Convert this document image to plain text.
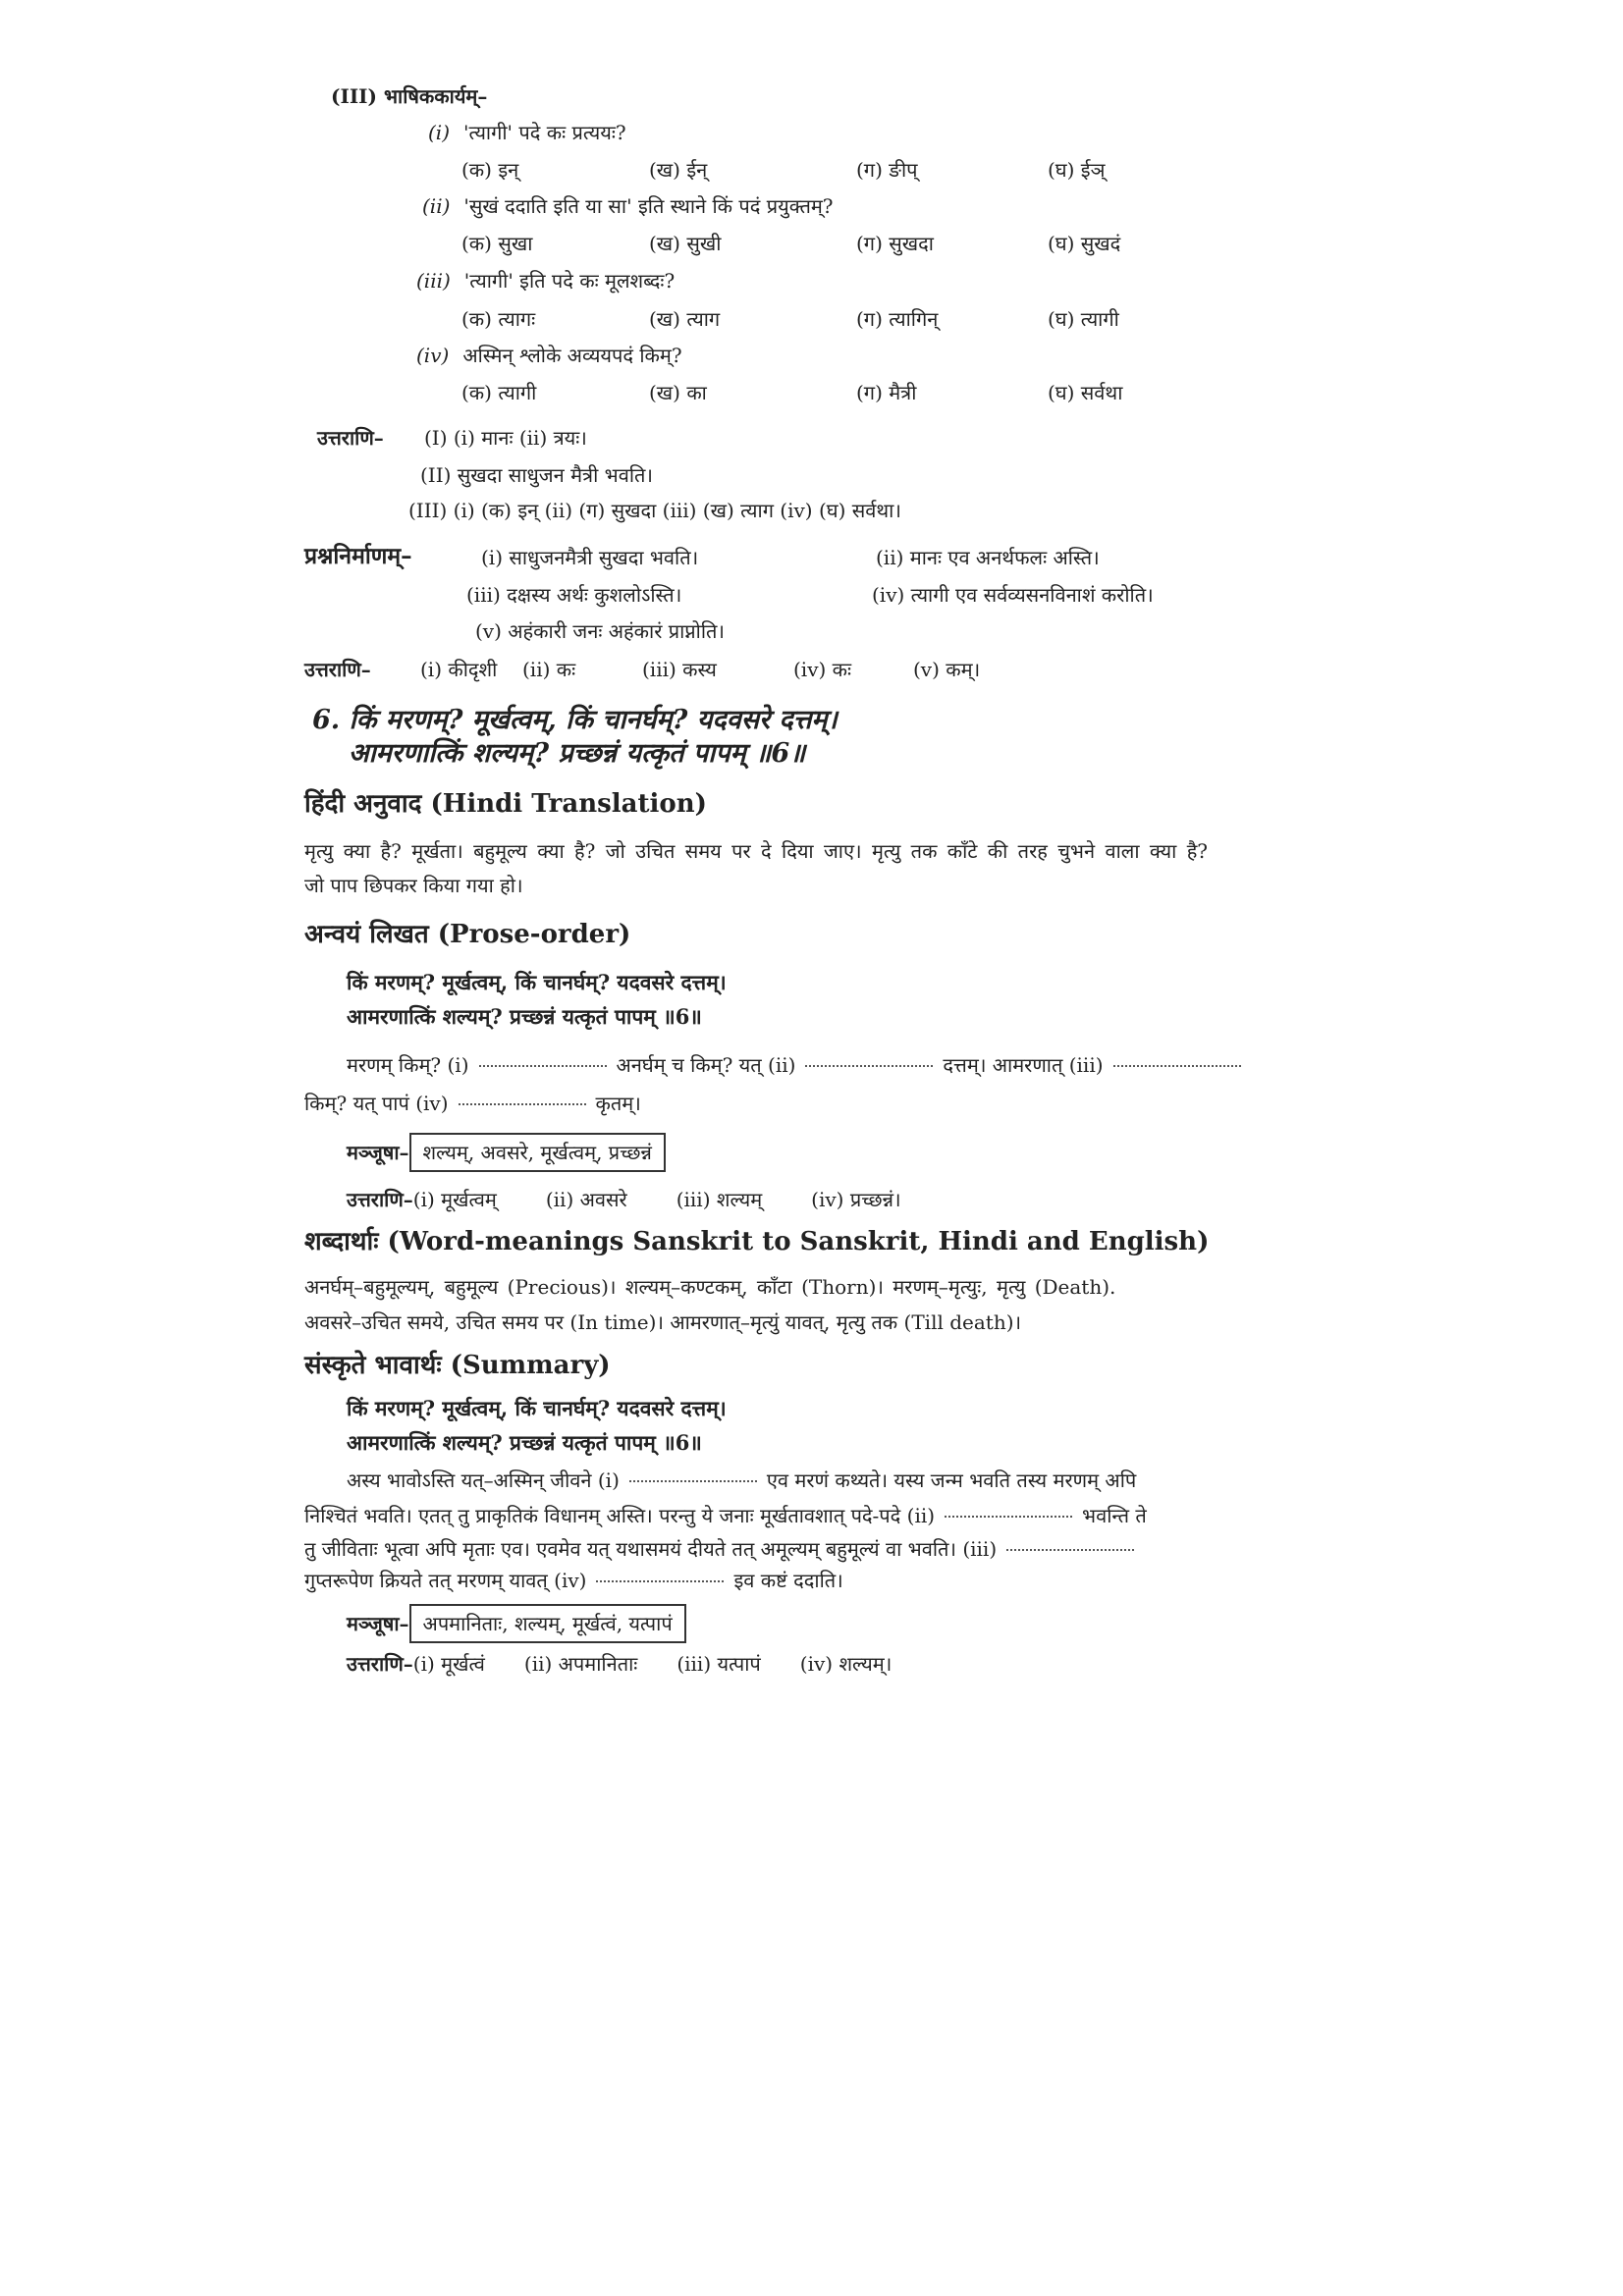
(III) भाषिककार्यम्–
(i) 'त्यागी' पदे कः प्रत्ययः?
(क) इन्	(ख) ईन्	(ग) ङीप्	(घ) ईञ्
(ii) 'सुखं ददाति इति या सा' इति स्थाने किं पदं प्रयुक्तम्?
(क) सुखा	(ख) सुखी	(ग) सुखदा	(घ) सुखदं
(iii) 'त्यागी' इति पदे कः मूलशब्दः?
(क) त्यागः	(ख) त्याग	(ग) त्यागिन्	(घ) त्यागी
(iv) अस्मिन् श्लोके अव्ययपदं किम्?
(क) त्यागी	(ख) का	(ग) मैत्री	(घ) सर्वथा
उत्तराणि– (I) (i) मानः (ii) त्रयः।
(II) सुखदा साधुजन मैत्री भवति।
(III) (i) (क) इन् (ii) (ग) सुखदा (iii) (ख) त्याग (iv) (घ) सर्वथा।
प्रश्ननिर्माणम्–	(i) साधुजनमैत्री सुखदा भवति।	(ii) मानः एव अनर्थफलः अस्ति।
(iii) दक्षस्य अर्थः कुशलोऽस्ति।	(iv) त्यागी एव सर्वव्यसनविनाशं करोति।
(v) अहंकारी जनः अहंकारं प्राप्नोति।
उत्तराणि–	(i) कीदृशी (ii) कः	(iii) कस्य	(iv) कः	(v) कम्।
6. किं मरणम्? मूर्खत्वम्, किं चानर्घम्? यदवसरे दत्तम्।
आमरणात्किं शल्यम्? प्रच्छन्नं यत्कृतं पापम् ॥6॥
हिंदी अनुवाद (Hindi Translation)
मृत्यु क्या है? मूर्खता। बहुमूल्य क्या है? जो उचित समय पर दे दिया जाए। मृत्यु तक काँटे की तरह चुभने वाला क्या है?
जो पाप छिपकर किया गया हो।
अन्वयं लिखत (Prose-order)
किं मरणम्? मूर्खत्वम्, किं चानर्घम्? यदवसरे दत्तम्।
आमरणात्किं शल्यम्? प्रच्छन्नं यत्कृतं पापम् ॥6॥
मरणम् किम्? (i)	अनर्घम् च किम्? यत् (ii)	दत्तम्। आमरणात् (iii)
किम्? यत् पापं (iv)	कृतम्।
मञ्जूषा– शल्यम्, अवसरे, मूर्खत्वम्, प्रच्छन्नं
उत्तराणि–(i) मूर्खत्वम्	(ii) अवसरे	(iii) शल्यम्	(iv) प्रच्छन्नं।
शब्दार्थाः (Word-meanings Sanskrit to Sanskrit, Hindi and English)
अनर्घम्–बहुमूल्यम्, बहुमूल्य (Precious)। शल्यम्–कण्टकम्, काँटा (Thorn)। मरणम्–मृत्युः, मृत्यु (Death).
अवसरे–उचित समये, उचित समय पर (In time)। आमरणात्–मृत्युं यावत्, मृत्यु तक (Till death)।
संस्कृते भावार्थः (Summary)
किं मरणम्? मूर्खत्वम्, किं चानर्घम्? यदवसरे दत्तम्।
आमरणात्किं शल्यम्? प्रच्छन्नं यत्कृतं पापम् ॥6॥
अस्य भावोऽस्ति यत्–अस्मिन् जीवने (i)	एव मरणं कथ्यते। यस्य जन्म भवति तस्य मरणम् अपि
निश्चितं भवति। एतत् तु प्राकृतिकं विधानम् अस्ति। परन्तु ये जनाः मूर्खतावशात् पदे-पदे (ii)	भवन्ति ते
तु जीविताः भूत्वा अपि मृताः एव। एवमेव यत् यथासमयं दीयते तत् अमूल्यम् बहुमूल्यं वा भवति। (iii)
गुप्तरूपेण क्रियते तत् मरणम् यावत् (iv)	इव कष्टं ददाति।
मञ्जूषा– अपमानिताः, शल्यम्, मूर्खत्वं, यत्पापं
उत्तराणि–(i) मूर्खत्वं (ii) अपमानिताः (iii) यत्पापं (iv) शल्यम्।
